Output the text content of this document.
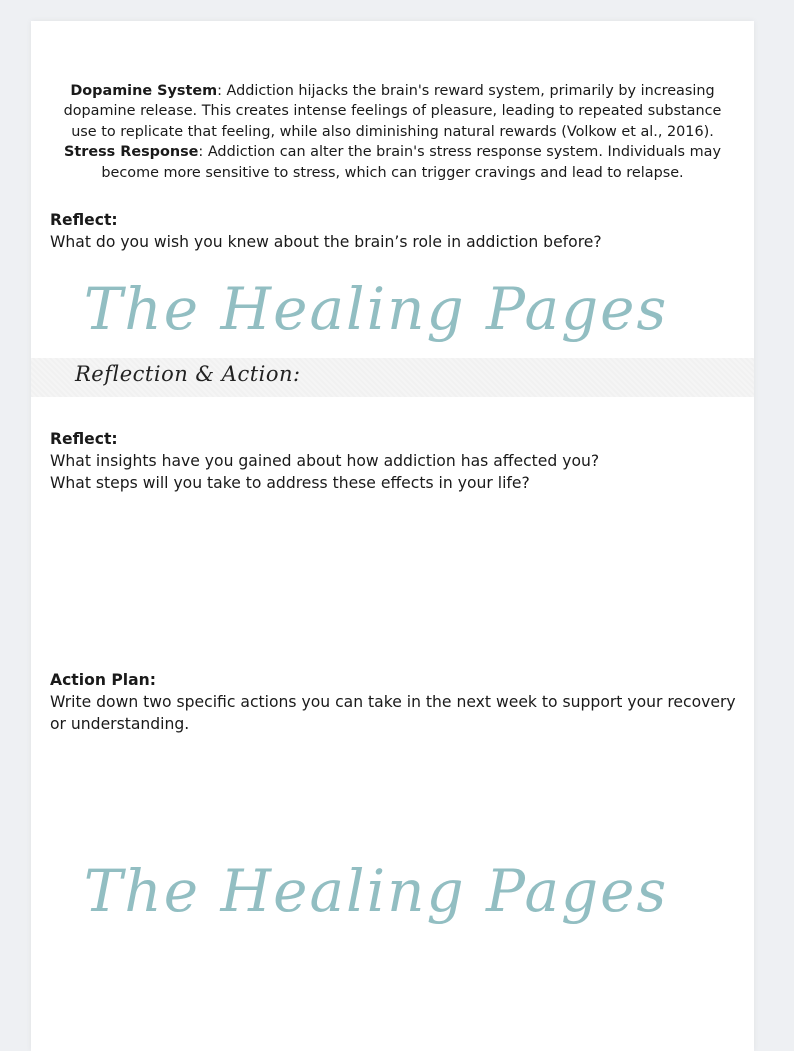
Dopamine System: Addiction hijacks the brain's reward system, primarily by increasing dopamine release. This creates intense feelings of pleasure, leading to repeated substance use to replicate that feeling, while also diminishing natural rewards (Volkow et al., 2016).
Stress Response: Addiction can alter the brain's stress response system. Individuals may become more sensitive to stress, which can trigger cravings and lead to relapse.

Reflect:

What do you wish you knew about the brain’s role in addiction before?

The Healing Pages
Reflection & Action:

Reflect:

What insights have you gained about how addiction has affected you?

What steps will you take to address these effects in your life?

Action Plan:

Write down two specific actions you can take in the next week to support your recovery or understanding.

The Healing Pages
